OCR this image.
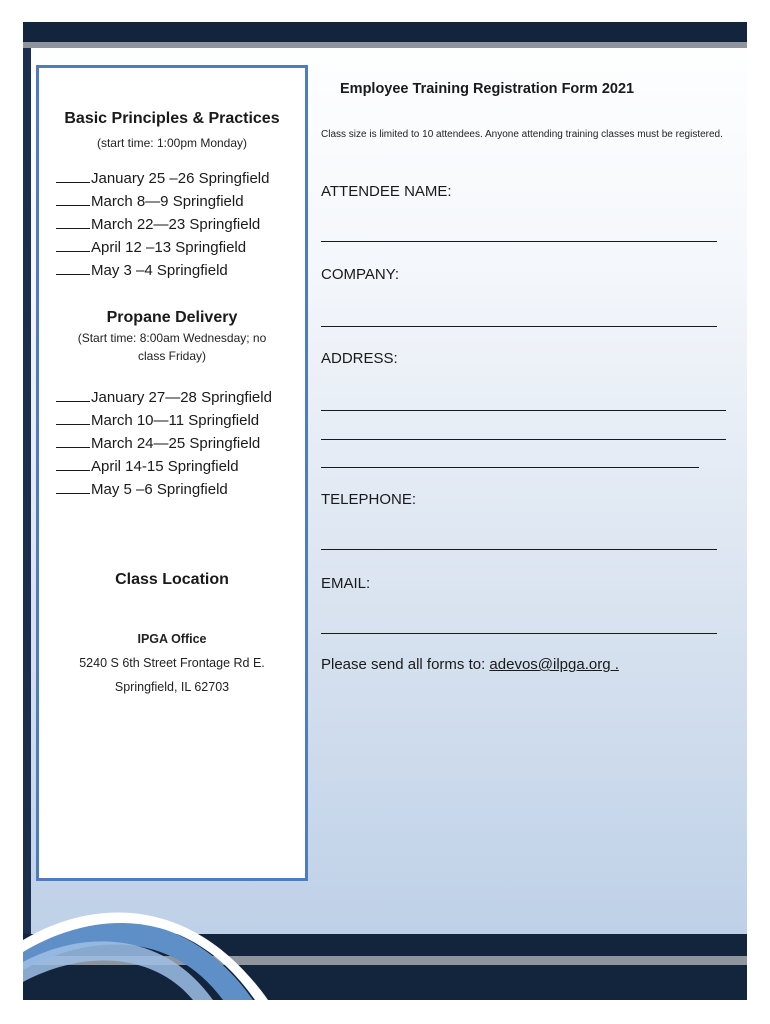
Basic Principles & Practices
(start time: 1:00pm Monday)
January 25 –26 Springfield
March 8—9 Springfield
March 22—23 Springfield
April 12 –13 Springfield
May 3 –4 Springfield
Propane Delivery
(Start time: 8:00am Wednesday; no
class Friday)
January 27—28 Springfield
March 10—11 Springfield
March 24—25 Springfield
April 14-15 Springfield
May 5 –6 Springfield
Class Location
IPGA Office
5240 S 6th Street Frontage Rd E.
Springfield, IL 62703
Employee Training Registration Form 2021
Class size is limited to 10 attendees. Anyone attending training classes must be registered.
ATTENDEE NAME:
COMPANY:
ADDRESS:
TELEPHONE:
EMAIL:
Please send all forms to: adevos@ilpga.org .
